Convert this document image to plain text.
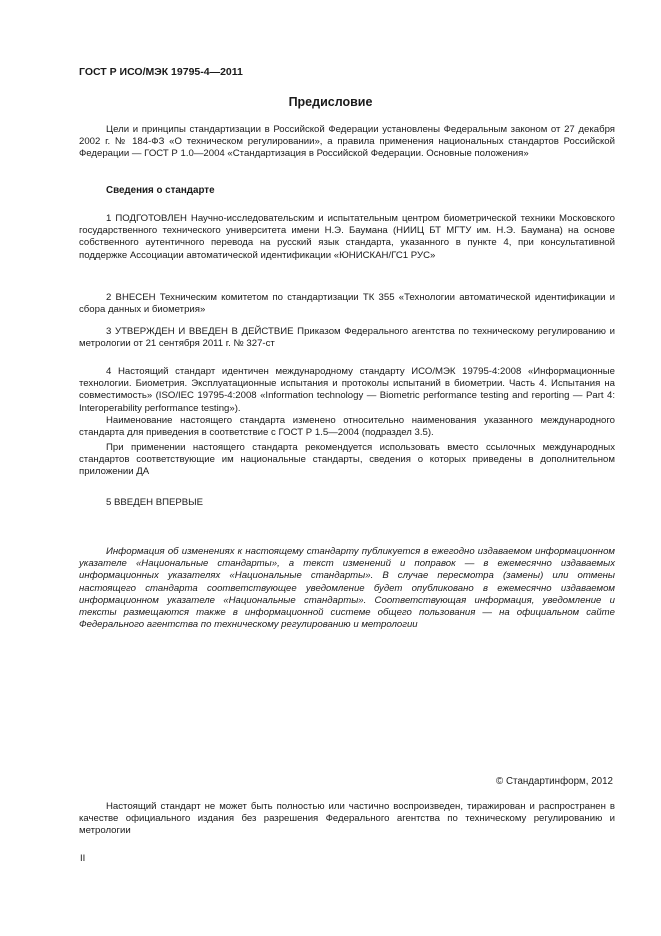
ГОСТ Р ИСО/МЭК 19795-4—2011
Предисловие
Цели и принципы стандартизации в Российской Федерации установлены Федеральным законом от 27 декабря 2002 г. № 184-ФЗ «О техническом регулировании», а правила применения национальных стандартов Российской Федерации — ГОСТ Р 1.0—2004 «Стандартизация в Российской Федерации. Основные положения»
Сведения о стандарте
1 ПОДГОТОВЛЕН Научно-исследовательским и испытательным центром биометрической техники Московского государственного технического университета имени Н.Э. Баумана (НИИЦ БТ МГТУ им. Н.Э. Баумана) на основе собственного аутентичного перевода на русский язык стандарта, указанного в пункте 4, при консультативной поддержке Ассоциации автоматической идентификации «ЮНИСКАН/ГС1 РУС»
2 ВНЕСЕН Техническим комитетом по стандартизации ТК 355 «Технологии автоматической идентификации и сбора данных и биометрия»
3 УТВЕРЖДЕН И ВВЕДЕН В ДЕЙСТВИЕ Приказом Федерального агентства по техническому регулированию и метрологии от 21 сентября 2011 г. № 327-ст
4 Настоящий стандарт идентичен международному стандарту ИСО/МЭК 19795-4:2008 «Информационные технологии. Биометрия. Эксплуатационные испытания и протоколы испытаний в биометрии. Часть 4. Испытания на совместимость» (ISO/IEC 19795-4:2008 «Information technology — Biometric performance testing and reporting — Part 4: Interoperability performance testing»).
Наименование настоящего стандарта изменено относительно наименования указанного международного стандарта для приведения в соответствие с ГОСТ Р 1.5—2004 (подраздел 3.5).
При применении настоящего стандарта рекомендуется использовать вместо ссылочных международных стандартов соответствующие им национальные стандарты, сведения о которых приведены в дополнительном приложении ДА
5 ВВЕДЕН ВПЕРВЫЕ
Информация об изменениях к настоящему стандарту публикуется в ежегодно издаваемом информационном указателе «Национальные стандарты», а текст изменений и поправок — в ежемесячно издаваемых информационных указателях «Национальные стандарты». В случае пересмотра (замены) или отмены настоящего стандарта соответствующее уведомление будет опубликовано в ежемесячно издаваемом информационном указателе «Национальные стандарты». Соответствующая информация, уведомление и тексты размещаются также в информационной системе общего пользования — на официальном сайте Федерального агентства по техническому регулированию и метрологии
© Стандартинформ, 2012
Настоящий стандарт не может быть полностью или частично воспроизведен, тиражирован и распространен в качестве официального издания без разрешения Федерального агентства по техническому регулированию и метрологии
II
